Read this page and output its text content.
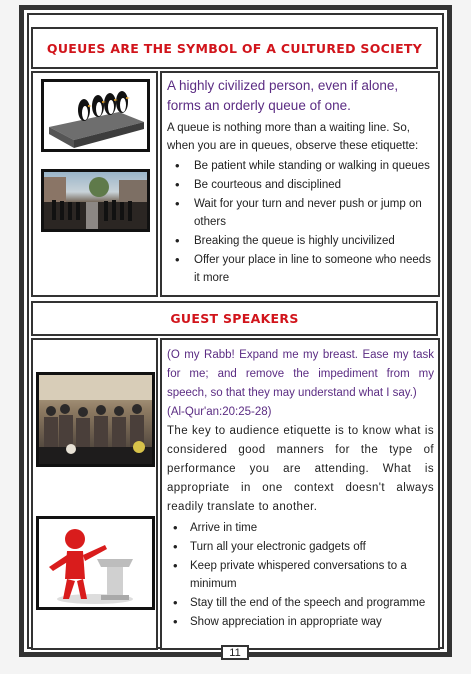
QUEUES ARE THE SYMBOL OF A CULTURED SOCIETY
A highly civilized person, even if alone, forms an orderly queue of one.
A queue is nothing more than a waiting line. So, when you are in queues, observe these etiquette:
• Be patient while standing or walking in queues
• Be courteous and disciplined
• Wait for your turn and never push or jump on others
• Breaking the queue is highly uncivilized
• Offer your place in line to someone who needs it more
GUEST SPEAKERS
(O my Rabb! Expand me my breast. Ease my task for me; and remove the impediment from my speech, so that they may understand what I say.)
(Al-Qur'an:20:25-28)
The key to audience etiquette is to know what is considered good manners for the type of performance you are attending. What is appropriate in one context doesn't always readily translate to another.
• Arrive in time
• Turn all your electronic gadgets off
• Keep private whispered conversations to a minimum
• Stay till the end of the speech and programme
• Show appreciation in appropriate way
11
